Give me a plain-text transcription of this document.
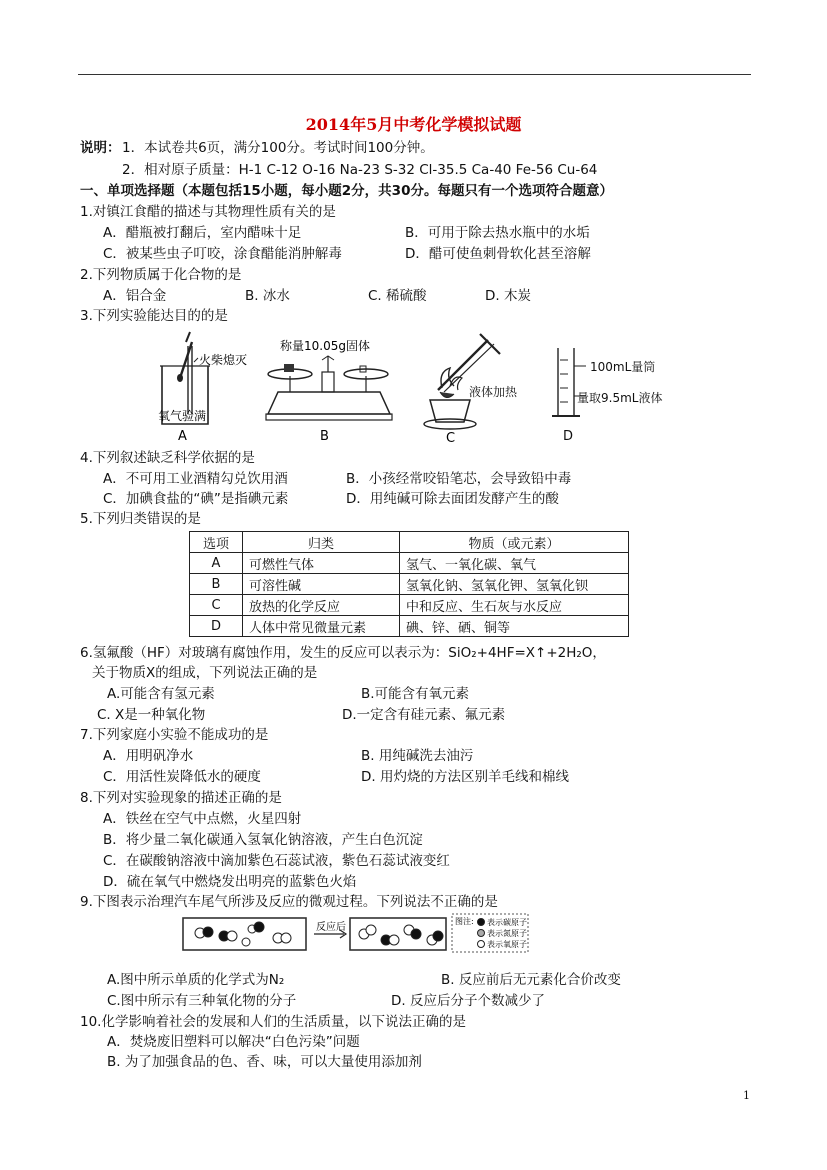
2014年5月中考化学模拟试题
说明： 1．本试卷共6页，满分100分。考试时间100分钟。
2．相对原子质量：H-1 C-12 O-16 Na-23 S-32 Cl-35.5 Ca-40 Fe-56 Cu-64
一、单项选择题（本题包括15小题，每小题2分，共30分。每题只有一个选项符合题意）
1.对镇江食醋的描述与其物理性质有关的是
A．醋瓶被打翻后，室内醋味十足	B．可用于除去热水瓶中的水垢
C．被某些虫子叮咬，涂食醋能消肿解毒	D．醋可使鱼刺骨软化甚至溶解
2.下列物质属于化合物的是
A．铝合金	B. 冰水	C. 稀硫酸	D. 木炭
3.下列实验能达目的的是
火柴熄灭
氧气验满
A
称量10.05g固体
B	C
液体加热
100mL量筒
量取9.5mL液体
D
4.下列叙述缺乏科学依据的是
A．不可用工业酒精勾兑饮用酒	B．小孩经常咬铅笔芯，会导致铅中毒
C．加碘食盐的“碘”是指碘元素	D．用纯碱可除去面团发酵产生的酸
5.下列归类错误的是
选项	归类	物质（或元素）
A	可燃性气体	氢气、一氧化碳、氧气
B	可溶性碱	氢氧化钠、氢氧化钾、氢氧化钡
C	放热的化学反应	中和反应、生石灰与水反应
D	人体中常见微量元素	碘、锌、硒、铜等
6.氢氟酸（HF）对玻璃有腐蚀作用，发生的反应可以表示为：SiO₂+4HF=X↑+2H₂O，
关于物质X的组成，下列说法正确的是
A.可能含有氢元素	B.可能含有氧元素
C. X是一种氧化物	D.一定含有硅元素、氟元素
7.下列家庭小实验不能成功的是
A．用明矾净水	B. 用纯碱洗去油污
C．用活性炭降低水的硬度	D. 用灼烧的方法区别羊毛线和棉线
8.下列对实验现象的描述正确的是
A．铁丝在空气中点燃，火星四射
B．将少量二氧化碳通入氢氧化钠溶液，产生白色沉淀
C．在碳酸钠溶液中滴加紫色石蕊试液，紫色石蕊试液变红
D．硫在氧气中燃烧发出明亮的蓝紫色火焰
9.下图表示治理汽车尾气所涉及反应的微观过程。下列说法不正确的是
反应后
图注: 表示碳原子
表示氮原子
表示氧原子
A.图中所示单质的化学式为N₂	B. 反应前后无元素化合价改变
C.图中所示有三种氧化物的分子	D. 反应后分子个数减少了
10.化学影响着社会的发展和人们的生活质量，以下说法正确的是
A．焚烧废旧塑料可以解决“白色污染”问题
B. 为了加强食品的色、香、味，可以大量使用添加剂
1
